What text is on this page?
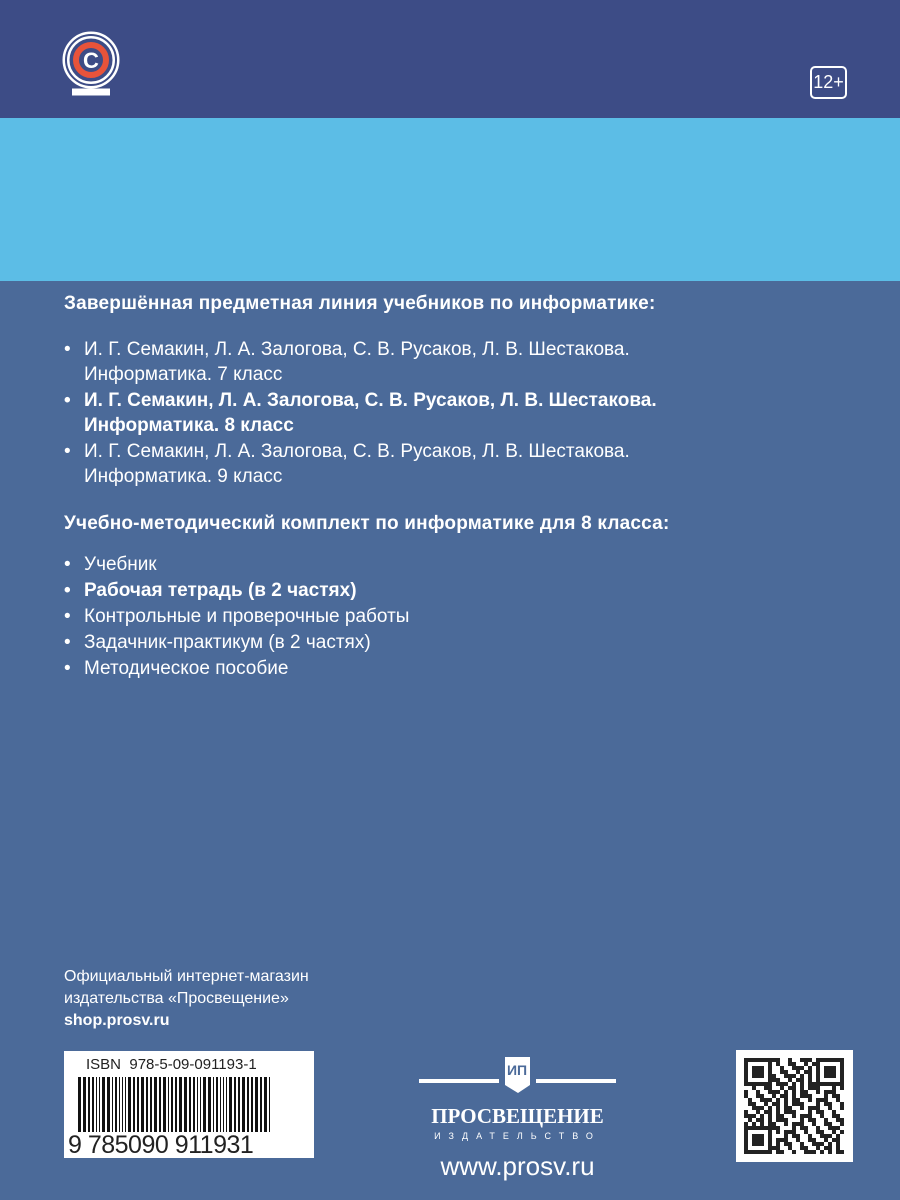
C
12+
Завершённая предметная линия учебников по информатике:
• И. Г. Семакин, Л. А. Залогова, С. В. Русаков, Л. В. Шестакова.
Информатика. 7 класс
• И. Г. Семакин, Л. А. Залогова, С. В. Русаков, Л. В. Шестакова.
Информатика. 8 класс
• И. Г. Семакин, Л. А. Залогова, С. В. Русаков, Л. В. Шестакова.
Информатика. 9 класс
Учебно-методический комплект по информатике для 8 класса:
• Учебник
• Рабочая тетрадь (в 2 частях)
• Контрольные и проверочные работы
• Задачник-практикум (в 2 частях)
• Методическое пособие
Официальный интернет-магазин
издательства «Просвещение»
shop.prosv.ru
ISBN 978-5-09-091193-1
9 785090 911931
ИП
ПРОСВЕЩЕНИЕ
ИЗДАТЕЛЬСТВО
www.prosv.ru
